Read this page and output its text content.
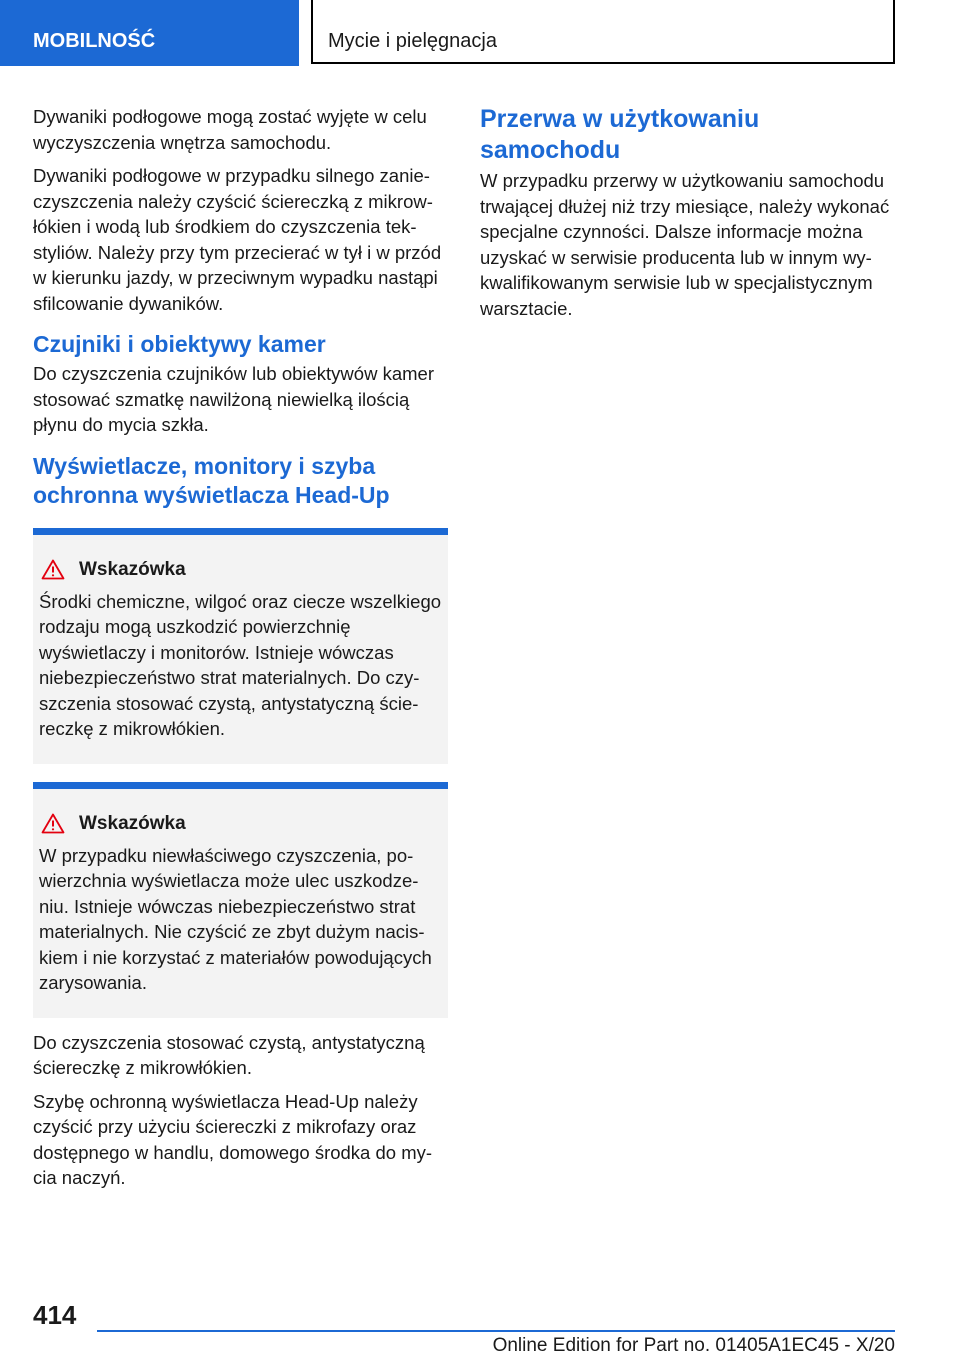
MOBILNOŚĆ	Mycie i pielęgnacja

Dywaniki podłogowe mogą zostać wyjęte w celu wyczyszczenia wnętrza samochodu.

Dywaniki podłogowe w przypadku silnego zanieczyszczenia należy czyścić ściereczką z mikrowłókien i wodą lub środkiem do czyszczenia tekstyliów. Należy przy tym przecierać w tył i w przód w kierunku jazdy, w przeciwnym wypadku nastąpi sfilcowanie dywaników.

Czujniki i obiektywy kamer

Do czyszczenia czujników lub obiektywów kamer stosować szmatkę nawilżoną niewielką ilością płynu do mycia szkła.

Wyświetlacze, monitory i szyba ochronna wyświetlacza Head-Up
Wskazówka

Środki chemiczne, wilgoć oraz ciecze wszelkiego rodzaju mogą uszkodzić powierzchnię wyświetlaczy i monitorów. Istnieje wówczas niebezpieczeństwo strat materialnych. Do czyszczenia stosować czystą, antystatyczną ściereczkę z mikrowłókien.

Wskazówka

W przypadku niewłaściwego czyszczenia, powierzchnia wyświetlacza może ulec uszkodzeniu. Istnieje wówczas niebezpieczeństwo strat materialnych. Nie czyścić ze zbyt dużym naciskiem i nie korzystać z materiałów powodujących zarysowania.

Do czyszczenia stosować czystą, antystatyczną ściereczkę z mikrowłókien.

Szybę ochronną wyświetlacza Head-Up należy czyścić przy użyciu ściereczki z mikrofazy oraz dostępnego w handlu, domowego środka do mycia naczyń.

Przerwa w użytkowaniu samochodu

W przypadku przerwy w użytkowaniu samochodu trwającej dłużej niż trzy miesiące, należy wykonać specjalne czynności. Dalsze informacje można uzyskać w serwisie producenta lub w innym wykwalifikowanym serwisie lub w specjalistycznym warsztacie.

414
Online Edition for Part no. 01405A1EC45 - X/20
